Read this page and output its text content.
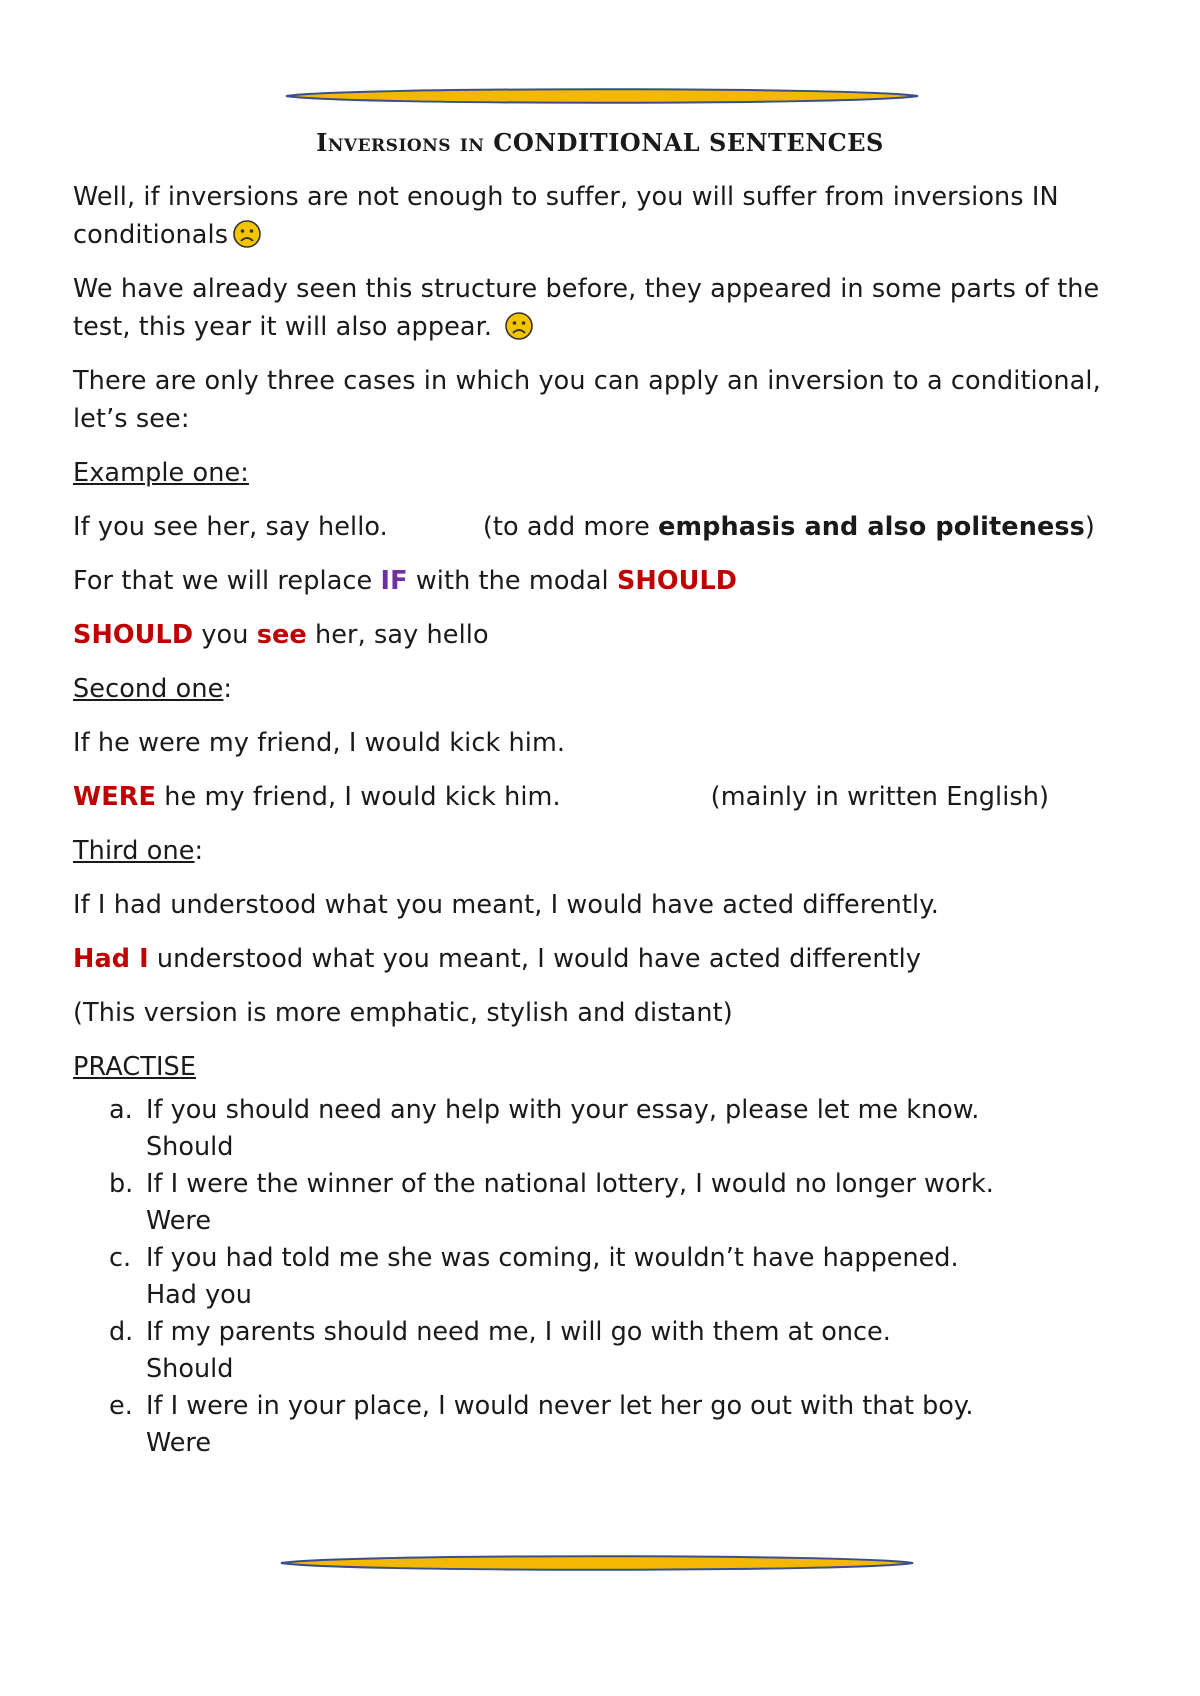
Inversions in CONDITIONAL SENTENCES

Well, if inversions are not enough to suffer, you will suffer from inversions IN conditionals

We have already seen this structure before, they appeared in some parts of the test, this year it will also appear.

There are only three cases in which you can apply an inversion to a conditional, let’s see:

Example one:

If you see her, say hello.	(to add more emphasis and also politeness)

For that we will replace IF with the modal SHOULD

SHOULD you see her, say hello

Second one:

If he were my friend, I would kick him.

WERE he my friend, I would kick him.	(mainly in written English)

Third one:

If I had understood what you meant, I would have acted differently.

Had I understood what you meant, I would have acted differently

(This version is more emphatic, stylish and distant)

PRACTISE

a. If you should need any help with your essay, please let me know.
Should
b. If I were the winner of the national lottery, I would no longer work.
Were
c. If you had told me she was coming, it wouldn’t have happened.
Had you
d. If my parents should need me, I will go with them at once.
Should
e. If I were in your place, I would never let her go out with that boy.
Were
